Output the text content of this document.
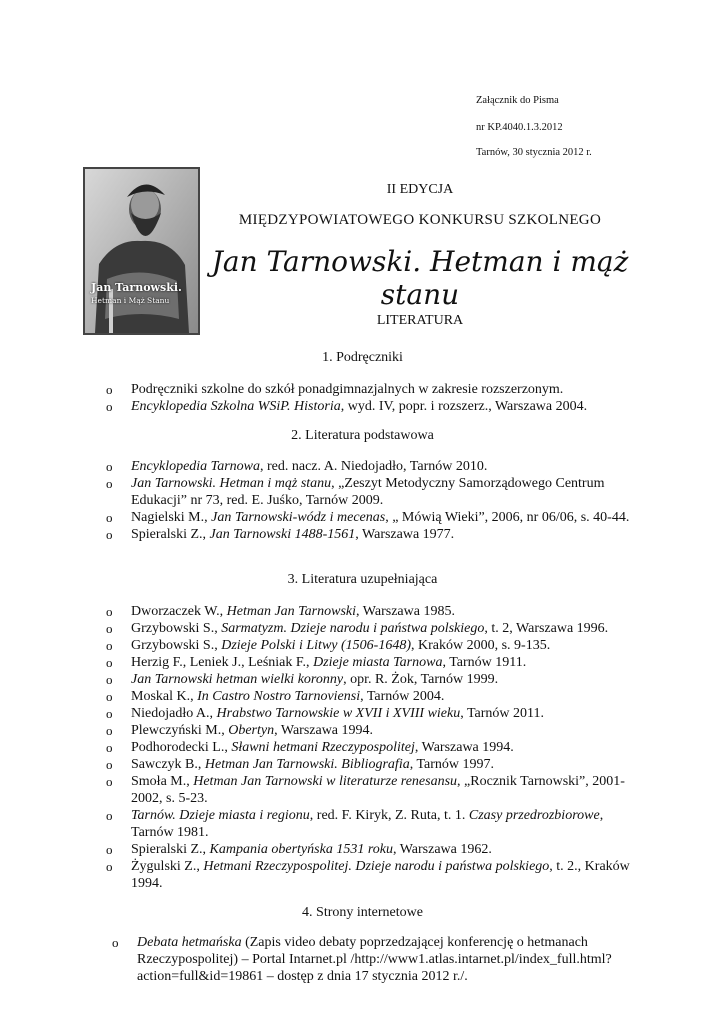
Załącznik do Pisma
nr KP.4040.1.3.2012
Tarnów, 30 stycznia 2012 r.
Jan Tarnowski.
Hetman i Mąż Stanu
II EDYCJA
MIĘDZYPOWIATOWEGO KONKURSU SZKOLNEGO
Jan Tarnowski. Hetman i mąż stanu
LITERATURA
1. Podręczniki
2. Literatura podstawowa
3. Literatura uzupełniająca
4. Strony internetowe
o Podręczniki szkolne do szkół ponadgimnazjalnych w zakresie rozszerzonym.
o Encyklopedia Szkolna WSiP. Historia, wyd. IV, popr. i rozszerz., Warszawa 2004.
o Encyklopedia Tarnowa, red. nacz. A. Niedojadło, Tarnów 2010.
o Jan Tarnowski. Hetman i mąż stanu, „Zeszyt Metodyczny Samorządowego Centrum Edukacji” nr 73, red. E. Juśko, Tarnów 2009.
o Nagielski M., Jan Tarnowski-wódz i mecenas, „ Mówią Wieki”, 2006, nr 06/06, s. 40-44.
o Spieralski Z., Jan Tarnowski 1488-1561, Warszawa 1977.
o Dworzaczek W., Hetman Jan Tarnowski, Warszawa 1985.
o Grzybowski S., Sarmatyzm. Dzieje narodu i państwa polskiego, t. 2, Warszawa 1996.
o Grzybowski S., Dzieje Polski i Litwy (1506-1648), Kraków 2000, s. 9-135.
o Herzig F., Leniek J., Leśniak F., Dzieje miasta Tarnowa, Tarnów 1911.
o Jan Tarnowski hetman wielki koronny, opr. R. Żok, Tarnów 1999.
o Moskal K., In Castro Nostro Tarnoviensi, Tarnów 2004.
o Niedojadło A., Hrabstwo Tarnowskie w XVII i XVIII wieku, Tarnów 2011.
o Plewczyński M., Obertyn, Warszawa 1994.
o Podhorodecki L., Sławni hetmani Rzeczypospolitej, Warszawa 1994.
o Sawczyk B., Hetman Jan Tarnowski. Bibliografia, Tarnów 1997.
o Smoła M., Hetman Jan Tarnowski w literaturze renesansu, „Rocznik Tarnowski”, 2001-2002, s. 5-23.
o Tarnów. Dzieje miasta i regionu, red. F. Kiryk, Z. Ruta, t. 1. Czasy przedrozbiorowe, Tarnów 1981.
o Spieralski Z., Kampania obertyńska 1531 roku, Warszawa 1962.
o Żygulski Z., Hetmani Rzeczypospolitej. Dzieje narodu i państwa polskiego, t. 2., Kraków 1994.
o Debata hetmańska (Zapis video debaty poprzedzającej konferencję o hetmanach Rzeczypospolitej) – Portal Intarnet.pl /http://www1.atlas.intarnet.pl/index_full.html?action=full&id=19861 – dostęp z dnia 17 stycznia 2012 r./.
